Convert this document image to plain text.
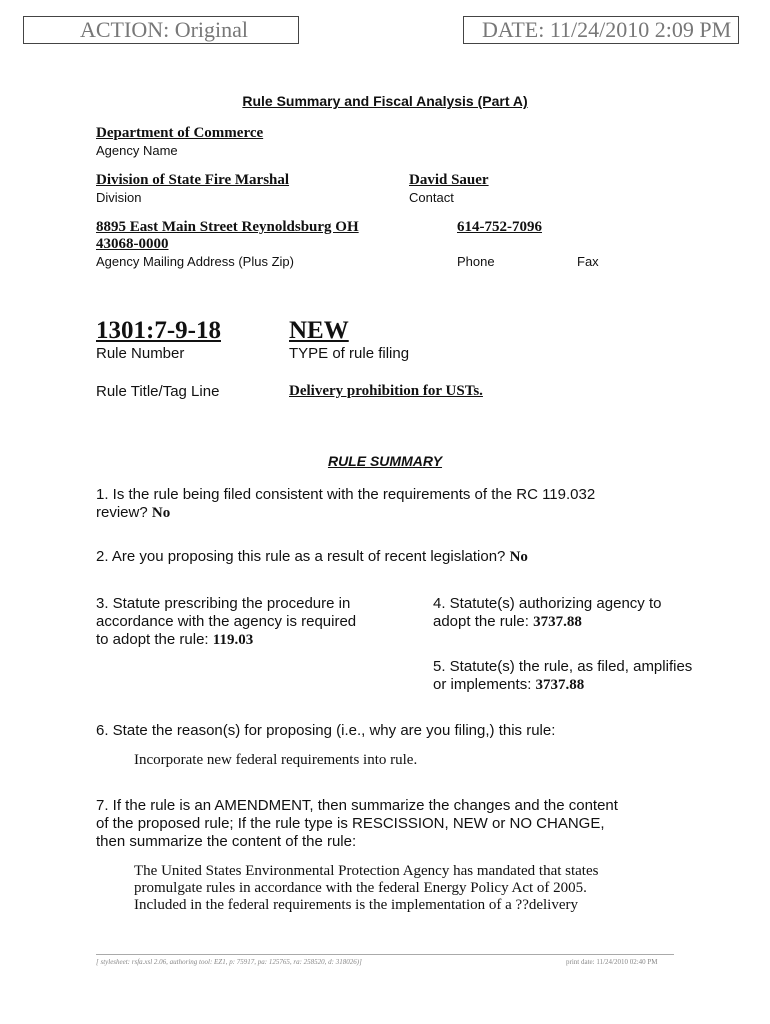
ACTION: Original	DATE: 11/24/2010 2:09 PM
Rule Summary and Fiscal Analysis (Part A)
Department of Commerce
Agency Name
Division of State Fire Marshal
Division
David Sauer
Contact
8895 East Main Street Reynoldsburg OH
43068-0000
Agency Mailing Address (Plus Zip)
614-752-7096
Phone	Fax
1301:7-9-18
Rule Number
NEW
TYPE of rule filing
Rule Title/Tag Line	Delivery prohibition for USTs.
RULE SUMMARY
1. Is the rule being filed consistent with the requirements of the RC 119.032
review? No
2. Are you proposing this rule as a result of recent legislation? No
3. Statute prescribing the procedure in
accordance with the agency is required
to adopt the rule: 119.03
4. Statute(s) authorizing agency to
adopt the rule: 3737.88
5. Statute(s) the rule, as filed, amplifies
or implements: 3737.88
6. State the reason(s) for proposing (i.e., why are you filing,) this rule:
Incorporate new federal requirements into rule.
7. If the rule is an AMENDMENT, then summarize the changes and the content
of the proposed rule; If the rule type is RESCISSION, NEW or NO CHANGE,
then summarize the content of the rule:
The United States Environmental Protection Agency has mandated that states
promulgate rules in accordance with the federal Energy Policy Act of 2005.
Included in the federal requirements is the implementation of a ??delivery
[ stylesheet: rsfa.xsl 2.06, authoring tool: EZ1, p: 75917, pa: 125765, ra: 258520, d: 318026)]	print date: 11/24/2010 02:40 PM
